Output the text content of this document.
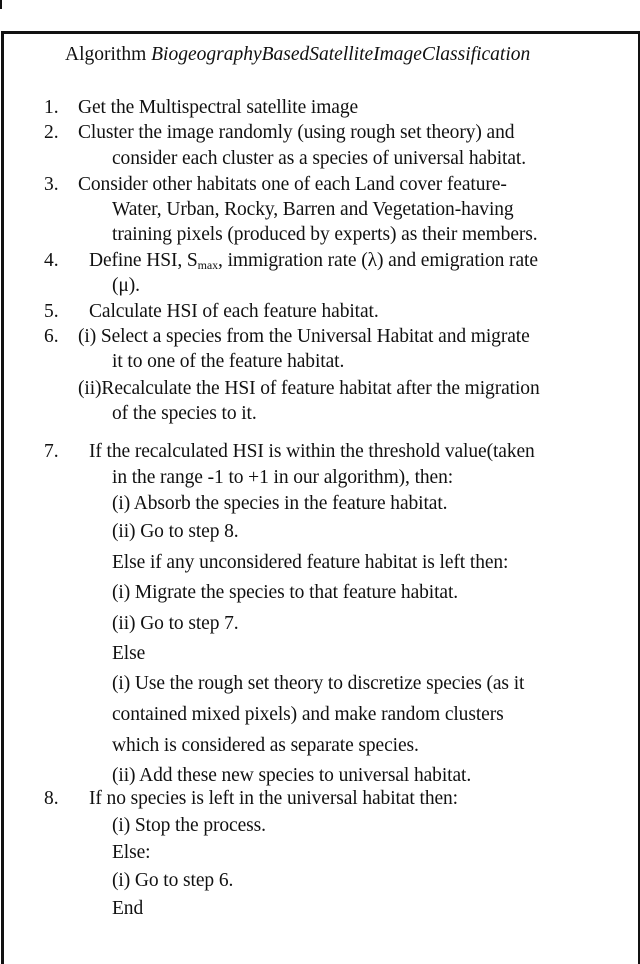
Algorithm BiogeographyBasedSatelliteImageClassification
1. Get the Multispectral satellite image
2. Cluster the image randomly (using rough set theory) and
consider each cluster as a species of universal habitat.
3. Consider other habitats one of each Land cover feature-
Water, Urban, Rocky, Barren and Vegetation-having
training pixels (produced by experts) as their members.
4. Define HSI, $S_{max}$, immigration rate (λ) and emigration rate
(μ).
5. Calculate HSI of each feature habitat.
6. (i) Select a species from the Universal Habitat and migrate
it to one of the feature habitat.
(ii)Recalculate the HSI of feature habitat after the migration
of the species to it.
7. If the recalculated HSI is within the threshold value(taken
in the range -1 to +1 in our algorithm), then:
(i) Absorb the species in the feature habitat.
(ii) Go to step 8.
Else if any unconsidered feature habitat is left then:
(i) Migrate the species to that feature habitat.
(ii) Go to step 7.
Else
(i) Use the rough set theory to discretize species (as it
contained mixed pixels) and make random clusters
which is considered as separate species.
(ii) Add these new species to universal habitat.
8. If no species is left in the universal habitat then:
(i) Stop the process.
Else:
(i) Go to step 6.
End
